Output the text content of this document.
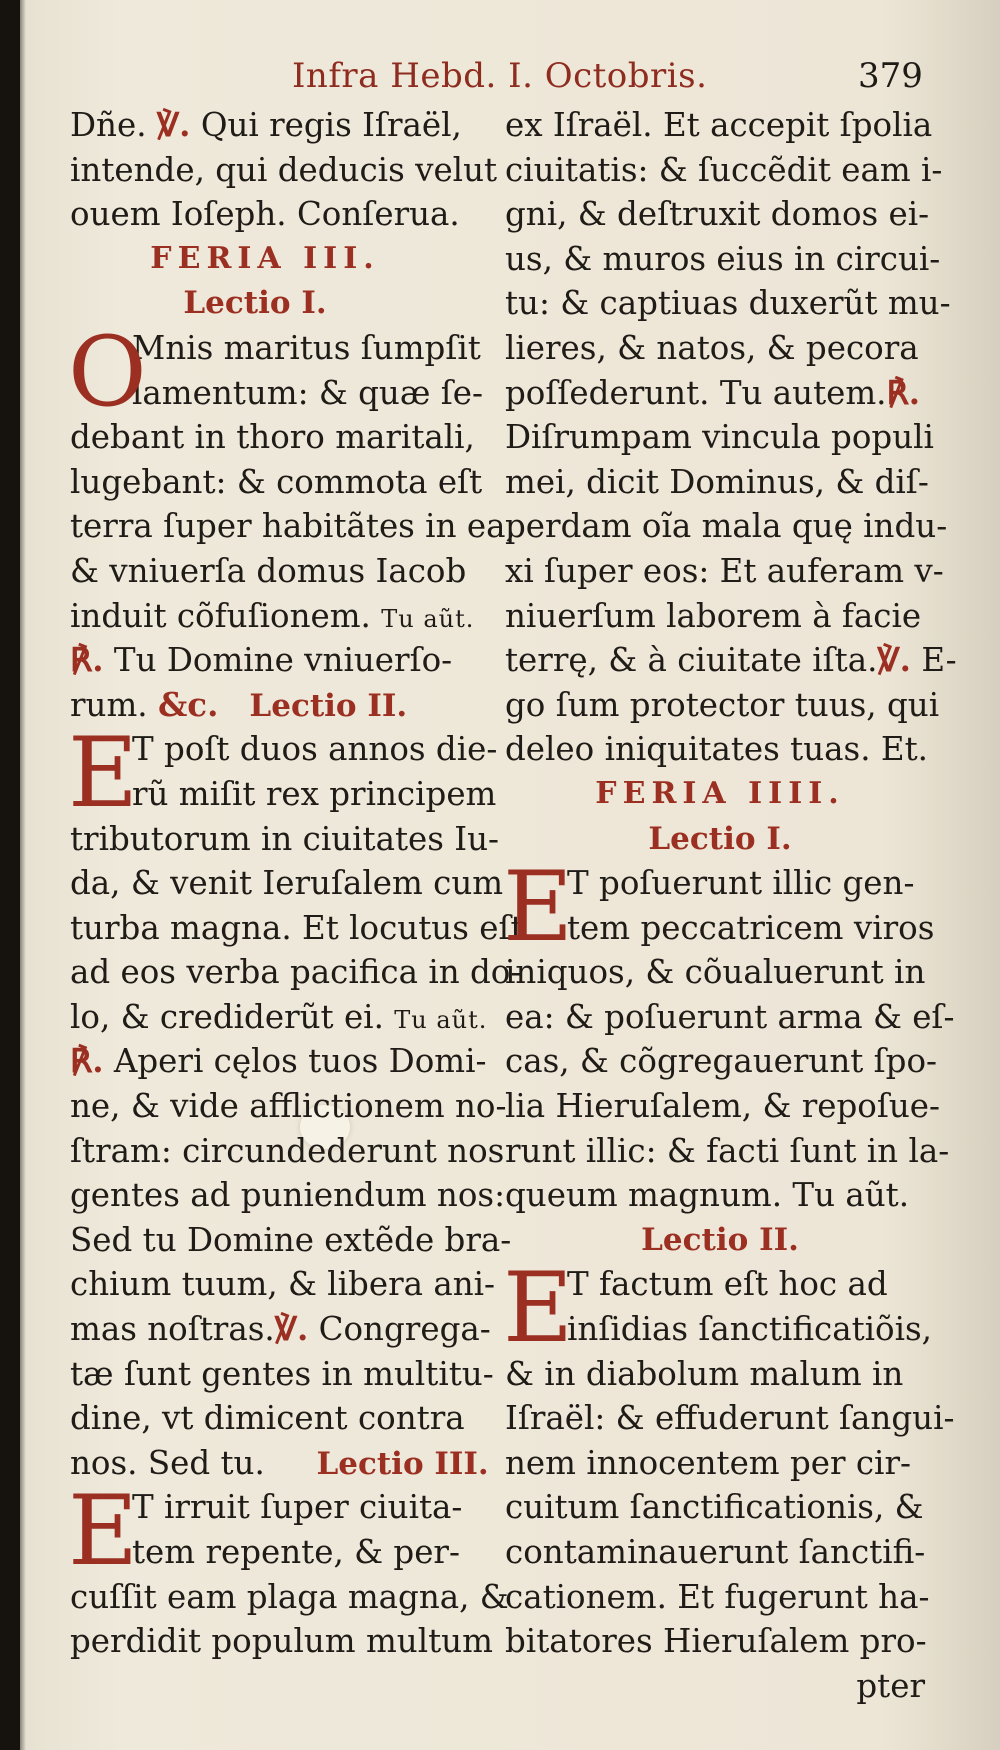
Infra Hebd. I. Octobris.	379
Dñe. ℣. Qui regis Iſraël,
intende, qui deducis velut
ouem Ioſeph. Conſerua.
FERIA III.
Lectio I.
O
Mnis maritus ſumpſit
lamentum: & quæ ſe-
debant in thoro maritali,
lugebant: & commota eſt
terra ſuper habitãtes in ea,
& vniuerſa domus Iacob
induit cõfuſionem. Tu aũt.
℟. Tu Domine vniuerſo-
rum. &c. Lectio II.
E
T poſt duos annos die-
rũ miſit rex principem
tributorum in ciuitates Iu-
da, & venit Ieruſalem cum
turba magna. Et locutus eſt
ad eos verba pacifica in do-
lo, & crediderũt ei. Tu aũt.
℟. Aperi cęlos tuos Domi-
ne, & vide afflictionem no-
ſtram: circundederunt nos
gentes ad puniendum nos:
Sed tu Domine extẽde bra-
chium tuum, & libera ani-
mas noſtras.℣. Congrega-
tæ ſunt gentes in multitu-
dine, vt dimicent contra
nos. Sed tu. Lectio III.
E
T irruit ſuper ciuita-
tem repente, & per-
cuſſit eam plaga magna, &
perdidit populum multum
ex Iſraël. Et accepit ſpolia
ciuitatis: & ſuccẽdit eam i-
gni, & deſtruxit domos ei-
us, & muros eius in circui-
tu: & captiuas duxerũt mu-
lieres, & natos, & pecora
poſſederunt. Tu autem.℟.
Diſrumpam vincula populi
mei, dicit Dominus, & diſ-
perdam oĩa mala quę indu-
xi ſuper eos: Et auferam v-
niuerſum laborem à facie
terrę, & à ciuitate iſta.℣. E-
go ſum protector tuus, qui
deleo iniquitates tuas. Et.
FERIA IIII.
Lectio I.
E
T poſuerunt illic gen-
tem peccatricem viros
iniquos, & cõualuerunt in
ea: & poſuerunt arma & eſ-
cas, & cõgregauerunt ſpo-
lia Hieruſalem, & repoſue-
runt illic: & facti ſunt in la-
queum magnum. Tu aũt.
Lectio II.
E
T factum eſt hoc ad
inſidias ſanctificatiõis,
& in diabolum malum in
Iſraël: & effuderunt ſangui-
nem innocentem per cir-
cuitum ſanctificationis, &
contaminauerunt ſanctifi-
cationem. Et fugerunt ha-
bitatores Hieruſalem pro-
pter
